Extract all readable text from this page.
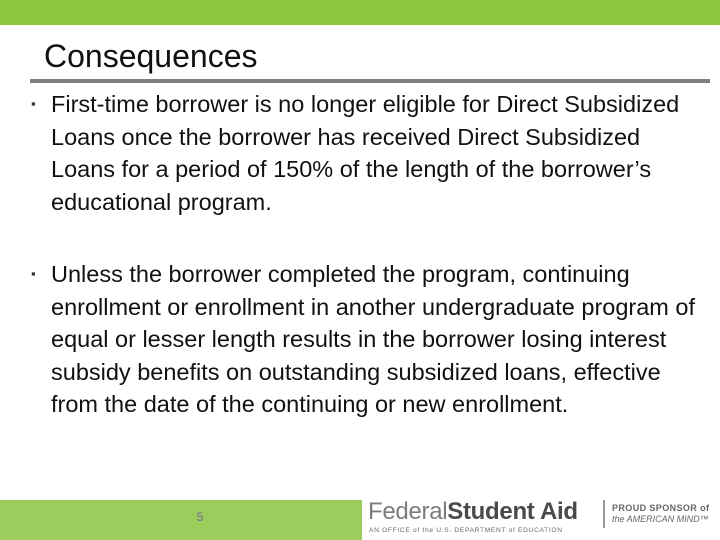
Consequences
▪ First-time borrower is no longer eligible for Direct Subsidized Loans once the borrower has received Direct Subsidized Loans for a period of 150% of the length of the borrower’s educational program.
▪ Unless the borrower completed the program, continuing enrollment or enrollment in another undergraduate program of equal or lesser length results in the borrower losing interest subsidy benefits on outstanding subsidized loans, effective from the date of the continuing or new enrollment.
5	FederalStudent Aid
AN OFFICE of the U.S. DEPARTMENT of EDUCATION
PROUD SPONSOR of
the AMERICAN MIND™
